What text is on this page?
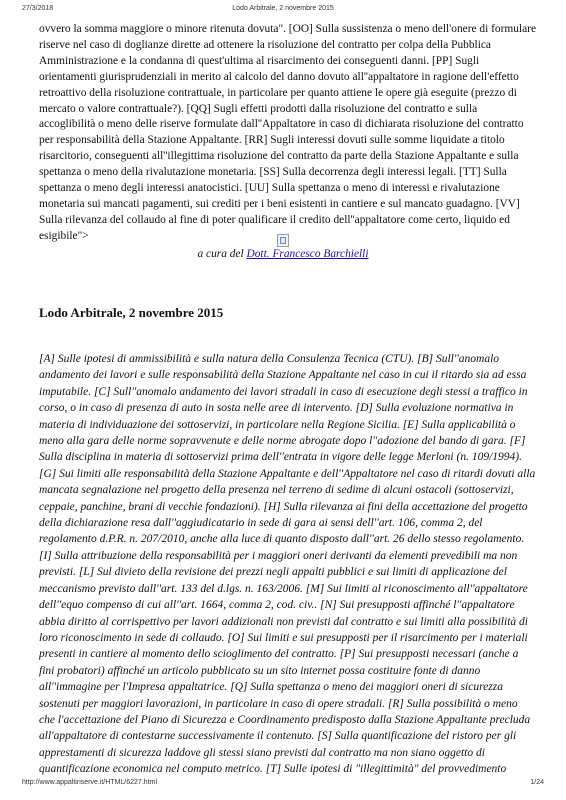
27/3/2018	Lodo Arbitrale, 2 novembre 2015

ovvero la somma maggiore o minore ritenuta dovuta". [OO] Sulla sussistenza o meno dell'onere di formulare riserve nel caso di doglianze dirette ad ottenere la risoluzione del contratto per colpa della Pubblica Amministrazione e la condanna di quest'ultima al risarcimento dei conseguenti danni. [PP] Sugli orientamenti giurisprudenziali in merito al calcolo del danno dovuto all''appaltatore in ragione dell'effetto retroattivo della risoluzione contrattuale, in particolare per quanto attiene le opere già eseguite (prezzo di mercato o valore contrattuale?). [QQ] Sugli effetti prodotti dalla risoluzione del contratto e sulla accoglibilità o meno delle riserve formulate dall''Appaltatore in caso di dichiarata risoluzione del contratto per responsabilità della Stazione Appaltante. [RR] Sugli interessi dovuti sulle somme liquidate a titolo risarcitorio, conseguenti all''illegittima risoluzione del contratto da parte della Stazione Appaltante e sulla spettanza o meno della rivalutazione monetaria. [SS] Sulla decorrenza degli interessi legali. [TT] Sulla spettanza o meno degli interessi anatocistici. [UU] Sulla spettanza o meno di interessi e rivalutazione monetaria sui mancati pagamenti, sui crediti per i beni esistenti in cantiere e sul mancato guadagno. [VV] Sulla rilevanza del collaudo al fine di poter qualificare il credito dell''appaltatore come certo, liquido ed esigibile">

a cura del Dott. Francesco Barchielli
Lodo Arbitrale, 2 novembre 2015

[A] Sulle ipotesi di ammissibilità e sulla natura della Consulenza Tecnica (CTU). [B] Sull''anomalo andamento dei lavori e sulle responsabilità della Stazione Appaltante nel caso in cui il ritardo sia ad essa imputabile. [C] Sull''anomalo andamento dei lavori stradali in caso di esecuzione degli stessi a traffico in corso, o in caso di presenza di auto in sosta nelle aree di intervento. [D] Sulla evoluzione normativa in materia di individuazione dei sottoservizi, in particolare nella Regione Sicilia. [E] Sulla applicabilità o meno alla gara delle norme sopravvenute e delle norme abrogate dopo l''adozione del bando di gara. [F] Sulla disciplina in materia di sottoservizi prima dell''entrata in vigore delle legge Merloni (n. 109/1994). [G] Sui limiti alle responsabilità della Stazione Appaltante e dell''Appaltatore nel caso di ritardi dovuti alla mancata segnalazione nel progetto della presenza nel terreno di sedime di alcuni ostacoli (sottoservizi, ceppaie, panchine, brani di vecchie fondazioni). [H] Sulla rilevanza ai fini della accettazione del progetto della dichiarazione resa dall''aggiudicatario in sede di gara ai sensi dell''art. 106, comma 2, del regolamento d.P.R. n. 207/2010, anche alla luce di quanto disposto dall''art. 26 dello stesso regolamento. [I] Sulla attribuzione della responsabilità per i maggiori oneri derivanti da elementi prevedibili ma non previsti. [L] Sul divieto della revisione dei prezzi negli appalti pubblici e sui limiti di applicazione del meccanismo previsto dall''art. 133 del d.lgs. n. 163/2006. [M] Sui limiti al riconoscimento all''appaltatore dell''equo compenso di cui all''art. 1664, comma 2, cod. civ.. [N] Sui presupposti affinché l''appaltatore abbia diritto al corrispettivo per lavori addizionali non previsti dal contratto e sui limiti alla possibilità di loro riconoscimento in sede di collaudo. [O] Sui limiti e sui presupposti per il risarcimento per i materiali presenti in cantiere al momento dello scioglimento del contratto. [P] Sui presupposti necessari (anche a fini probatori) affinché un articolo pubblicato su un sito internet possa costituire fonte di danno all''immagine per l'Impresa appaltatrice. [Q] Sulla spettanza o meno dei maggiori oneri di sicurezza sostenuti per maggiori lavorazioni, in particolare in caso di opere stradali. [R] Sulla possibilità o meno che l'accettazione del Piano di Sicurezza e Coordinamento predisposto dalla Stazione Appaltante precluda all'appaltatore di contestarne successivamente il contenuto. [S] Sulla quantificazione del ristoro per gli apprestamenti di sicurezza laddove gli stessi siano previsti dal contratto ma non siano oggetto di quantificazione economica nel computo metrico. [T] Sulle ipotesi di "illegittimità" del provvedimento

http://www.appaltiriserve.it/HTML/6227.html	1/24
